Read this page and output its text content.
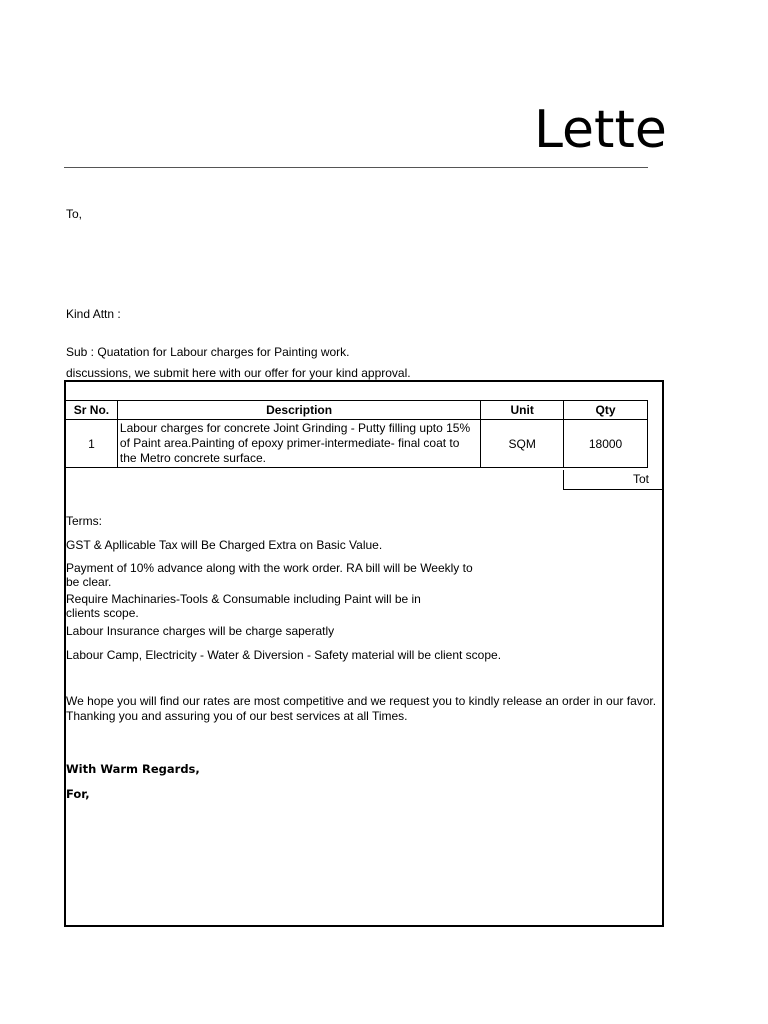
Lette
To,
Kind Attn :
Sub : Quatation for Labour charges for Painting work.
discussions, we submit here with our offer for your kind approval.
Sr No.	Description	Unit	Qty
1	Labour charges for concrete Joint Grinding - Putty filling upto 15% of Paint area.Painting of epoxy primer-intermediate- final coat to the Metro concrete surface.	SQM	18000
Tot
Terms:
GST & Apllicable Tax will Be Charged Extra on Basic Value.
Payment of 10% advance along with the work order. RA bill will be Weekly to be clear.
Require Machinaries-Tools & Consumable including Paint will be in clients scope.
Labour Insurance charges will be charge saperatly
Labour Camp, Electricity - Water & Diversion - Safety material will be client scope.
We hope you will find our rates are most competitive and we request you to kindly release an order in our favor.
Thanking you and assuring you of our best services at all Times.
With Warm Regards,
For,
